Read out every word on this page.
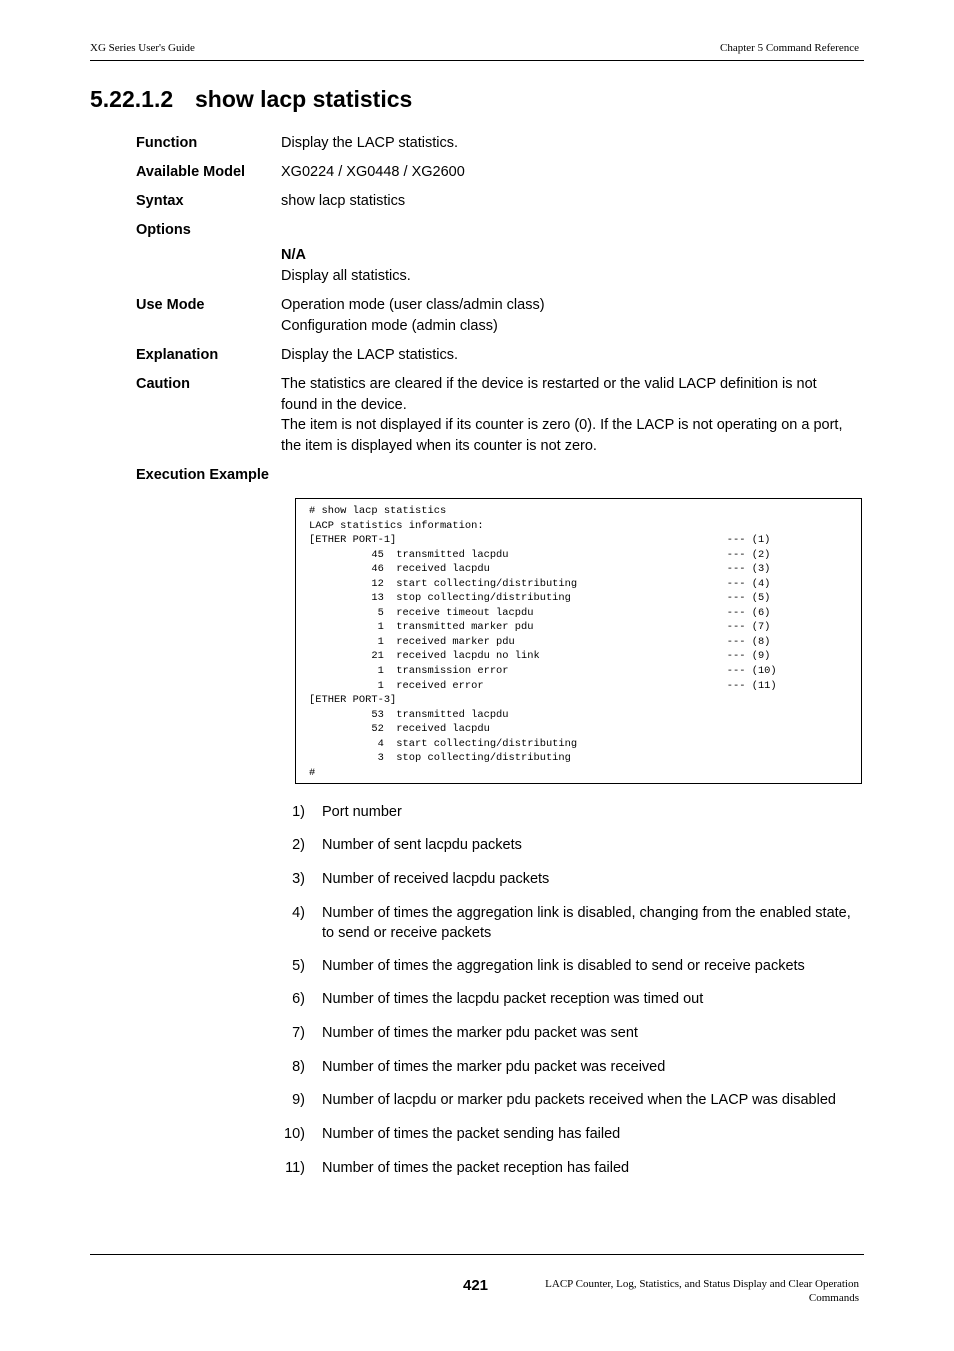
XG Series User's Guide	Chapter 5 Command Reference
5.22.1.2 show lacp statistics
Function	Display the LACP statistics.
Available Model XG0224 / XG0448 / XG2600
Syntax	show lacp statistics
Options
N/A
Display all statistics.
Use Mode	Operation mode (user class/admin class)
Configuration mode (admin class)
Explanation	Display the LACP statistics.
Caution	The statistics are cleared if the device is restarted or the valid LACP definition is not
found in the device.
The item is not displayed if its counter is zero (0). If the LACP is not operating on a port,
the item is displayed when its counter is not zero.
Execution Example
# show lacp statistics
LACP statistics information:
[ETHER PORT-1]                                                     --- (1)
45  transmitted lacpdu                                   --- (2)
46  received lacpdu                                      --- (3)
12  start collecting/distributing                        --- (4)
13  stop collecting/distributing                         --- (5)
5  receive timeout lacpdu                               --- (6)
1  transmitted marker pdu                               --- (7)
1  received marker pdu                                  --- (8)
21  received lacpdu no link                              --- (9)
1  transmission error                                   --- (10)
1  received error                                       --- (11)
[ETHER PORT-3]
53  transmitted lacpdu
52  received lacpdu
4  start collecting/distributing
3  stop collecting/distributing
#
1) Port number
2) Number of sent lacpdu packets
3) Number of received lacpdu packets
4) Number of times the aggregation link is disabled, changing from the enabled state,
to send or receive packets
5) Number of times the aggregation link is disabled to send or receive packets
6) Number of times the lacpdu packet reception was timed out
7) Number of times the marker pdu packet was sent
8) Number of times the marker pdu packet was received
9) Number of lacpdu or marker pdu packets received when the LACP was disabled
10) Number of times the packet sending has failed
11) Number of times the packet reception has failed
421	LACP Counter, Log, Statistics, and Status Display and Clear Operation
Commands
